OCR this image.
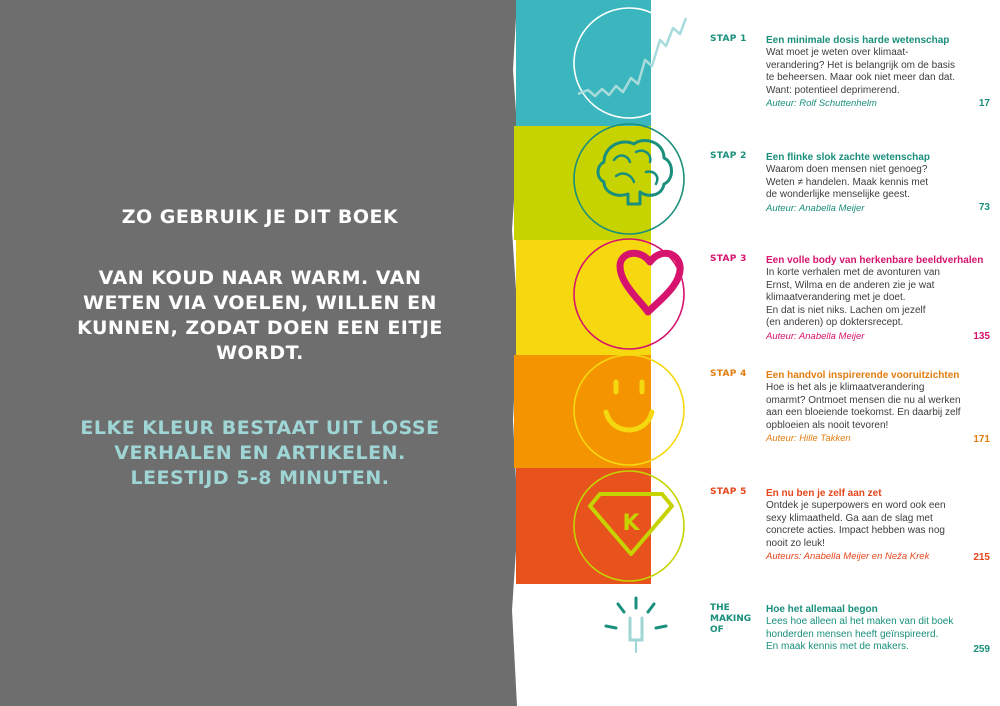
ZO GEBRUIK JE DIT BOEK
VAN KOUD NAAR WARM. VAN WETEN VIA VOELEN, WILLEN EN KUNNEN, ZODAT DOEN EEN EITJE WORDT.
ELKE KLEUR BESTAAT UIT LOSSE VERHALEN EN ARTIKELEN. LEESTIJD 5-8 MINUTEN.
K
STAP 1 Een minimale dosis harde wetenschap
Wat moet je weten over klimaat-
verandering? Het is belangrijk om de basis
te beheersen. Maar ook niet meer dan dat.
Want: potentieel deprimerend.
Auteur: Rolf Schuttenhelm	17
STAP 2 Een flinke slok zachte wetenschap
Waarom doen mensen niet genoeg?
Weten ≠ handelen. Maak kennis met
de wonderlijke menselijke geest.
Auteur: Anabella Meijer	73
STAP 3 Een volle body van herkenbare beeldverhalen
In korte verhalen met de avonturen van
Ernst, Wilma en de anderen zie je wat
klimaatverandering met je doet.
En dat is niet niks. Lachen om jezelf
(en anderen) op doktersrecept.
Auteur: Anabella Meijer	135
STAP 4 Een handvol inspirerende vooruitzichten
Hoe is het als je klimaatverandering
omarmt? Ontmoet mensen die nu al werken
aan een bloeiende toekomst. En daarbij zelf
opbloeien als nooit tevoren!
Auteur: Hille Takken	171
STAP 5 En nu ben je zelf aan zet
Ontdek je superpowers en word ook een
sexy klimaatheld. Ga aan de slag met
concrete acties. Impact hebben was nog
nooit zo leuk!
Auteurs: Anabella Meijer en Neža Krek	215
THE
MAKING
OF
Hoe het allemaal begon
Lees hoe alleen al het maken van dit boek
honderden mensen heeft geïnspireerd.
En maak kennis met de makers.	259
